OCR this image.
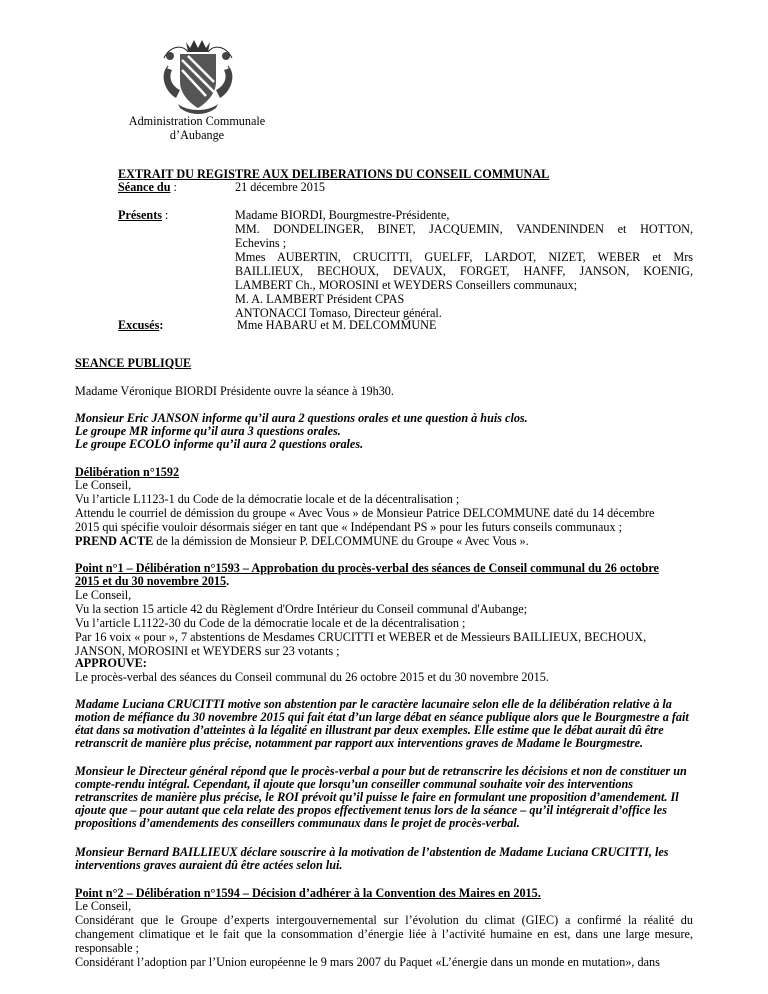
Administration Communale
d’Aubange
EXTRAIT DU REGISTRE AUX DELIBERATIONS DU CONSEIL COMMUNAL
Séance du :	21 décembre 2015
Présents :	Madame BIORDI, Bourgmestre-Présidente,
MM. DONDELINGER, BINET, JACQUEMIN, VANDENINDEN et HOTTON,
Echevins ;
Mmes AUBERTIN, CRUCITTI, GUELFF, LARDOT, NIZET, WEBER et Mrs
BAILLIEUX, BECHOUX, DEVAUX, FORGET, HANFF, JANSON, KOENIG,
LAMBERT Ch., MOROSINI et WEYDERS Conseillers communaux;
M. A. LAMBERT Président CPAS
ANTONACCI Tomaso, Directeur général.
Excusés:	Mme HABARU et M. DELCOMMUNE
SEANCE PUBLIQUE
Madame Véronique BIORDI Présidente ouvre la séance à 19h30.
Monsieur Eric JANSON informe qu’il aura 2 questions orales et une question à huis clos.
Le groupe MR informe qu’il aura 3 questions orales.
Le groupe ECOLO informe qu’il aura 2 questions orales.
Délibération n°1592
Le Conseil,
Vu l’article L1123-1 du Code de la démocratie locale et de la décentralisation ;
Attendu le courriel de démission du groupe « Avec Vous » de Monsieur Patrice DELCOMMUNE daté du 14 décembre
2015 qui spécifie vouloir désormais siéger en tant que « Indépendant PS » pour les futurs conseils communaux ;
PREND ACTE de la démission de Monsieur P. DELCOMMUNE du Groupe « Avec Vous ».
Point n°1 – Délibération n°1593 – Approbation du procès-verbal des séances de Conseil communal du 26 octobre
2015 et du 30 novembre 2015.
Le Conseil,
Vu la section 15 article 42 du Règlement d'Ordre Intérieur du Conseil communal d'Aubange;
Vu l’article L1122-30 du Code de la démocratie locale et de la décentralisation ;
Par 16 voix « pour », 7 abstentions de Mesdames CRUCITTI et WEBER et de Messieurs BAILLIEUX, BECHOUX,
JANSON, MOROSINI et WEYDERS sur 23 votants ;
APPROUVE:
Le procès-verbal des séances du Conseil communal du 26 octobre 2015 et du 30 novembre 2015.
Madame Luciana CRUCITTI motive son abstention par le caractère lacunaire selon elle de la délibération relative à la
motion de méfiance du 30 novembre 2015 qui fait état d’un large débat en séance publique alors que le Bourgmestre a fait
état dans sa motivation d’atteintes à la légalité en illustrant par deux exemples. Elle estime que le débat aurait dû être
retranscrit de manière plus précise, notamment par rapport aux interventions graves de Madame le Bourgmestre.
Monsieur le Directeur général répond que le procès-verbal a pour but de retranscrire les décisions et non de constituer un
compte-rendu intégral. Cependant, il ajoute que lorsqu’un conseiller communal souhaite voir des interventions
retranscrites de manière plus précise, le ROI prévoit qu’il puisse le faire en formulant une proposition d’amendement. Il
ajoute que – pour autant que cela relate des propos effectivement tenus lors de la séance – qu’il intégrerait d’office les
propositions d’amendements des conseillers communaux dans le projet de procès-verbal.
Monsieur Bernard BAILLIEUX déclare souscrire à la motivation de l’abstention de Madame Luciana CRUCITTI, les
interventions graves auraient dû être actées selon lui.
Point n°2 – Délibération n°1594 – Décision d’adhérer à la Convention des Maires en 2015.
Le Conseil,
Considérant que le Groupe d’experts intergouvernemental sur l’évolution du climat (GIEC) a confirmé la réalité du
changement climatique et le fait que la consommation d’énergie liée à l’activité humaine en est, dans une large mesure,
responsable ;
Considérant l’adoption par l’Union européenne le 9 mars 2007 du Paquet «L’énergie dans un monde en mutation», dans
